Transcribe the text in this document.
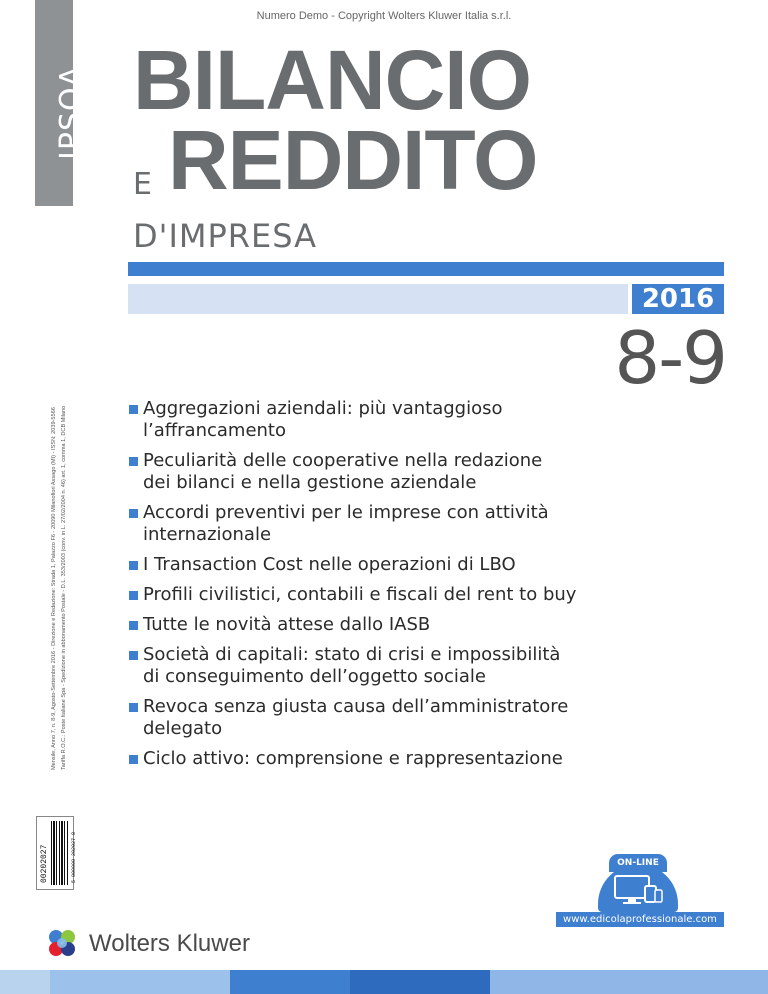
Numero Demo - Copyright Wolters Kluwer Italia s.r.l.
IPSOA
Mensile, Anno 7, n. 8-9, Agosto-Settembre 2016 - Direzione e Redazione: Strada 1, Palazzo F6 - 20090 Milanofiori Assago (MI) - ISSN: 2039-5566 Tariffa R.O.C.: Poste Italiane Spa - Spedizione in abbonamento Postale - D.L. 353/2003 (conv. in L. 27/02/2004 n. 46) art. 1, comma 1, DCB Milano
00202027	5 000000 202027 8
BILANCIO
E REDDITO
D'IMPRESA
2016
8-9
Aggregazioni aziendali: più vantaggioso
l’affrancamento
Peculiarità delle cooperative nella redazione
dei bilanci e nella gestione aziendale
Accordi preventivi per le imprese con attività
internazionale
I Transaction Cost nelle operazioni di LBO
Profili civilistici, contabili e fiscali del rent to buy
Tutte le novità attese dallo IASB
Società di capitali: stato di crisi e impossibilità
di conseguimento dell’oggetto sociale
Revoca senza giusta causa dell’amministratore
delegato
Ciclo attivo: comprensione e rappresentazione
ON-LINE
www.edicolaprofessionale.com
Wolters Kluwer
